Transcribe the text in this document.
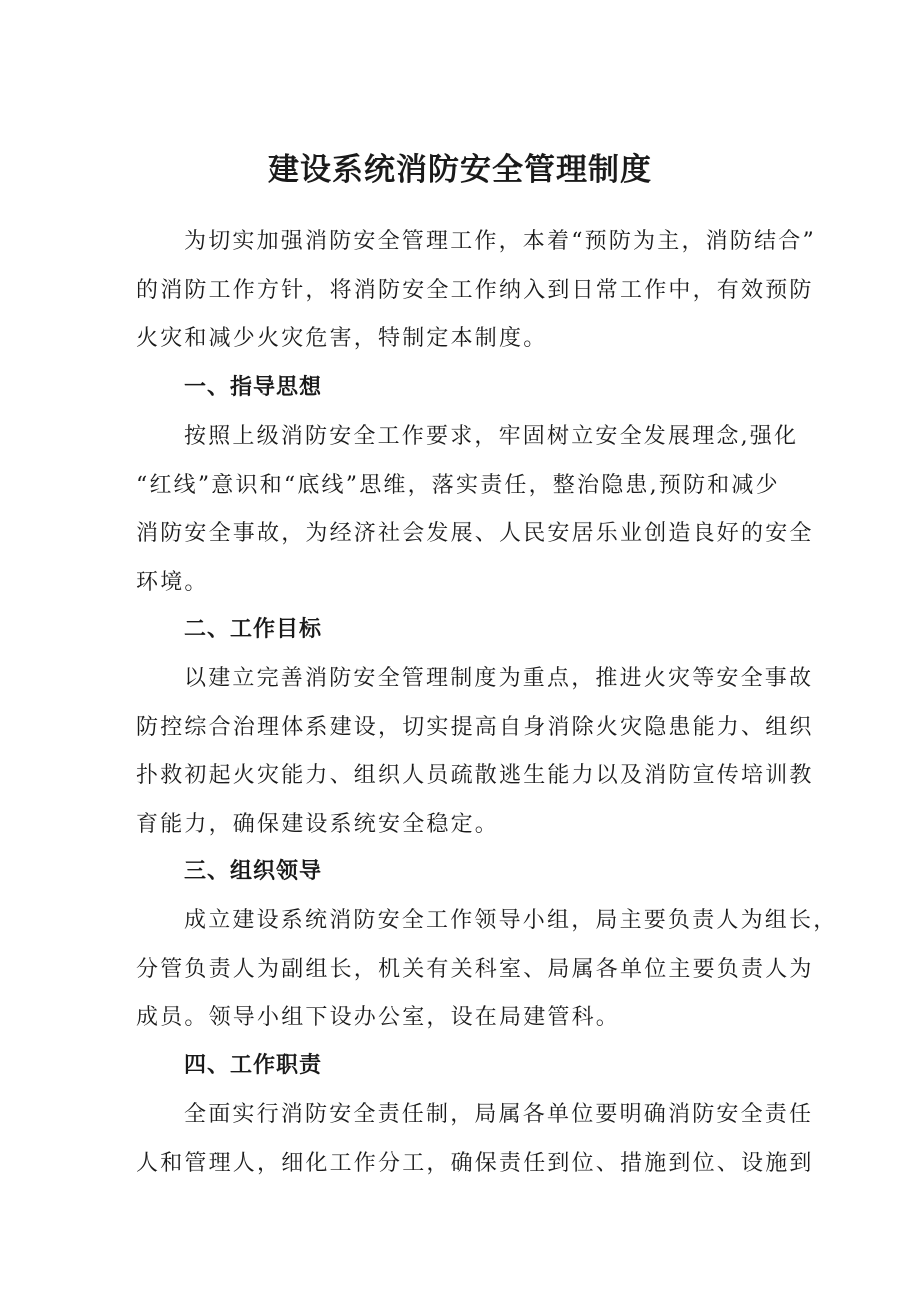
建设系统消防安全管理制度

为切实加强消防安全管理工作，本着“预防为主，消防结合”
的消防工作方针，将消防安全工作纳入到日常工作中，有效预防
火灾和减少火灾危害，特制定本制度。

一、指导思想

按照上级消防安全工作要求，牢固树立安全发展理念,强化
“红线”意识和“底线”思维，落实责任，整治隐患,预防和减少
消防安全事故，为经济社会发展、人民安居乐业创造良好的安全
环境。

二、工作目标

以建立完善消防安全管理制度为重点，推进火灾等安全事故
防控综合治理体系建设，切实提高自身消除火灾隐患能力、组织
扑救初起火灾能力、组织人员疏散逃生能力以及消防宣传培训教
育能力，确保建设系统安全稳定。

三、组织领导

成立建设系统消防安全工作领导小组，局主要负责人为组长，
分管负责人为副组长，机关有关科室、局属各单位主要负责人为
成员。领导小组下设办公室，设在局建管科。

四、工作职责

全面实行消防安全责任制，局属各单位要明确消防安全责任
人和管理人，细化工作分工，确保责任到位、措施到位、设施到
